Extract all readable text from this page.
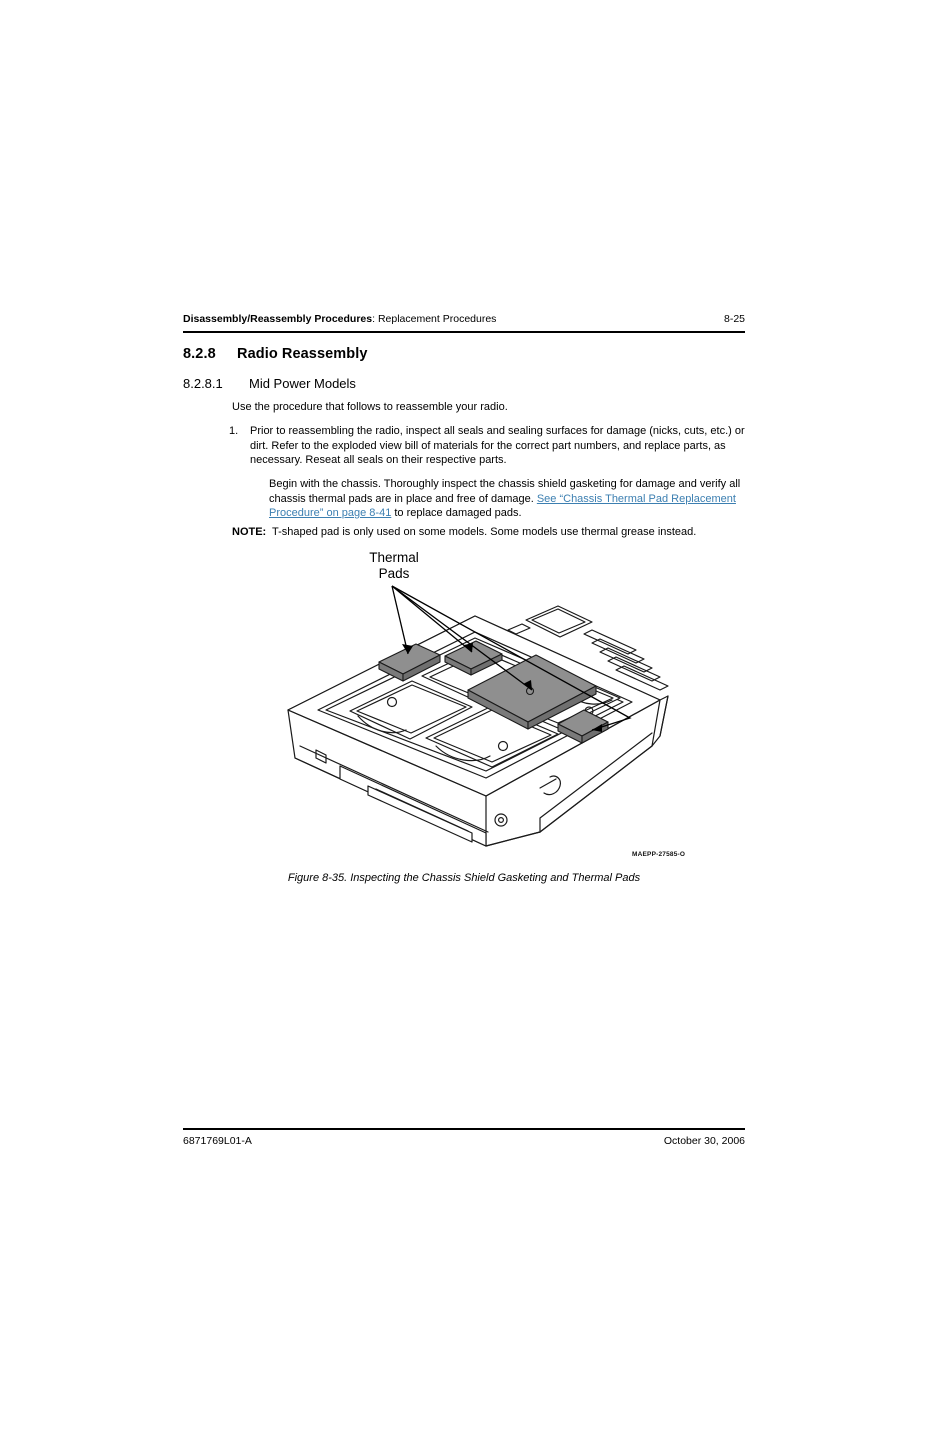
Disassembly/Reassembly Procedures: Replacement Procedures	8-25
8.2.8 Radio Reassembly
8.2.8.1 Mid Power Models
Use the procedure that follows to reassemble your radio.
1.	Prior to reassembling the radio, inspect all seals and sealing surfaces for damage (nicks, cuts, etc.) or dirt. Refer to the exploded view bill of materials for the correct part numbers, and replace parts, as necessary. Reseat all seals on their respective parts.
Begin with the chassis. Thoroughly inspect the chassis shield gasketing for damage and verify all chassis thermal pads are in place and free of damage. See “Chassis Thermal Pad Replacement Procedure” on page 8-41 to replace damaged pads.
NOTE: T-shaped pad is only used on some models. Some models use thermal grease instead.
Thermal
Pads
MAEPP-27585-O
Figure 8-35. Inspecting the Chassis Shield Gasketing and Thermal Pads
6871769L01-A	October 30, 2006
